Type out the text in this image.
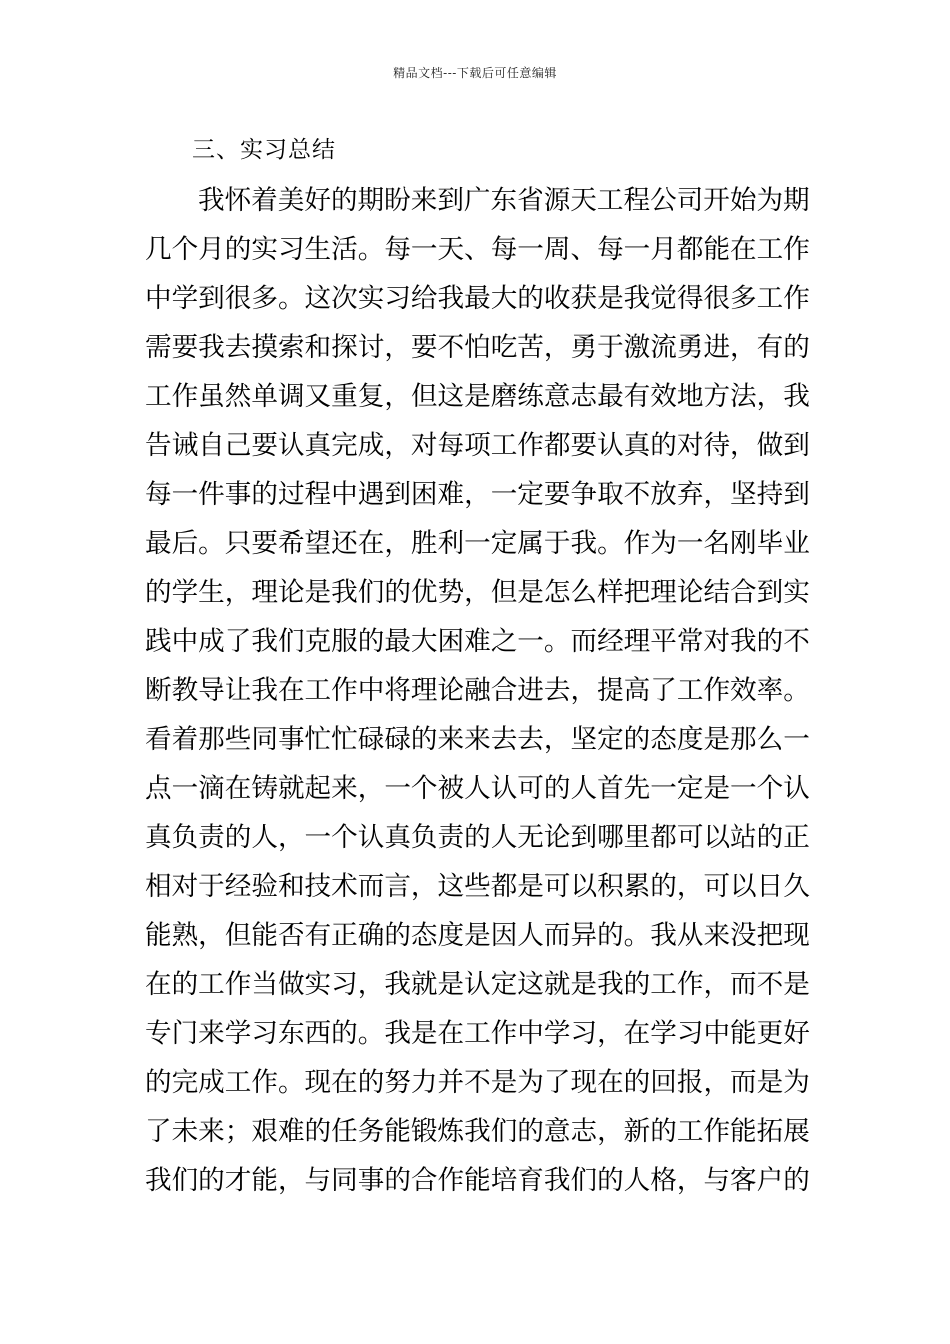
精品文档---下载后可任意编辑
三、实习总结
我怀着美好的期盼来到广东省源天工程公司开始为期
几个月的实习生活。每一天、每一周、每一月都能在工作
中学到很多。这次实习给我最大的收获是我觉得很多工作
需要我去摸索和探讨，要不怕吃苦，勇于激流勇进，有的
工作虽然单调又重复，但这是磨练意志最有效地方法，我
告诫自己要认真完成，对每项工作都要认真的对待，做到
每一件事的过程中遇到困难，一定要争取不放弃，坚持到
最后。只要希望还在，胜利一定属于我。作为一名刚毕业
的学生，理论是我们的优势，但是怎么样把理论结合到实
践中成了我们克服的最大困难之一。而经理平常对我的不
断教导让我在工作中将理论融合进去，提高了工作效率。
看着那些同事忙忙碌碌的来来去去，坚定的态度是那么一
点一滴在铸就起来，一个被人认可的人首先一定是一个认
真负责的人，一个认真负责的人无论到哪里都可以站的正
相对于经验和技术而言，这些都是可以积累的，可以日久
能熟，但能否有正确的态度是因人而异的。我从来没把现
在的工作当做实习，我就是认定这就是我的工作，而不是
专门来学习东西的。我是在工作中学习，在学习中能更好
的完成工作。现在的努力并不是为了现在的回报，而是为
了未来；艰难的任务能锻炼我们的意志，新的工作能拓展
我们的才能，与同事的合作能培育我们的人格，与客户的
